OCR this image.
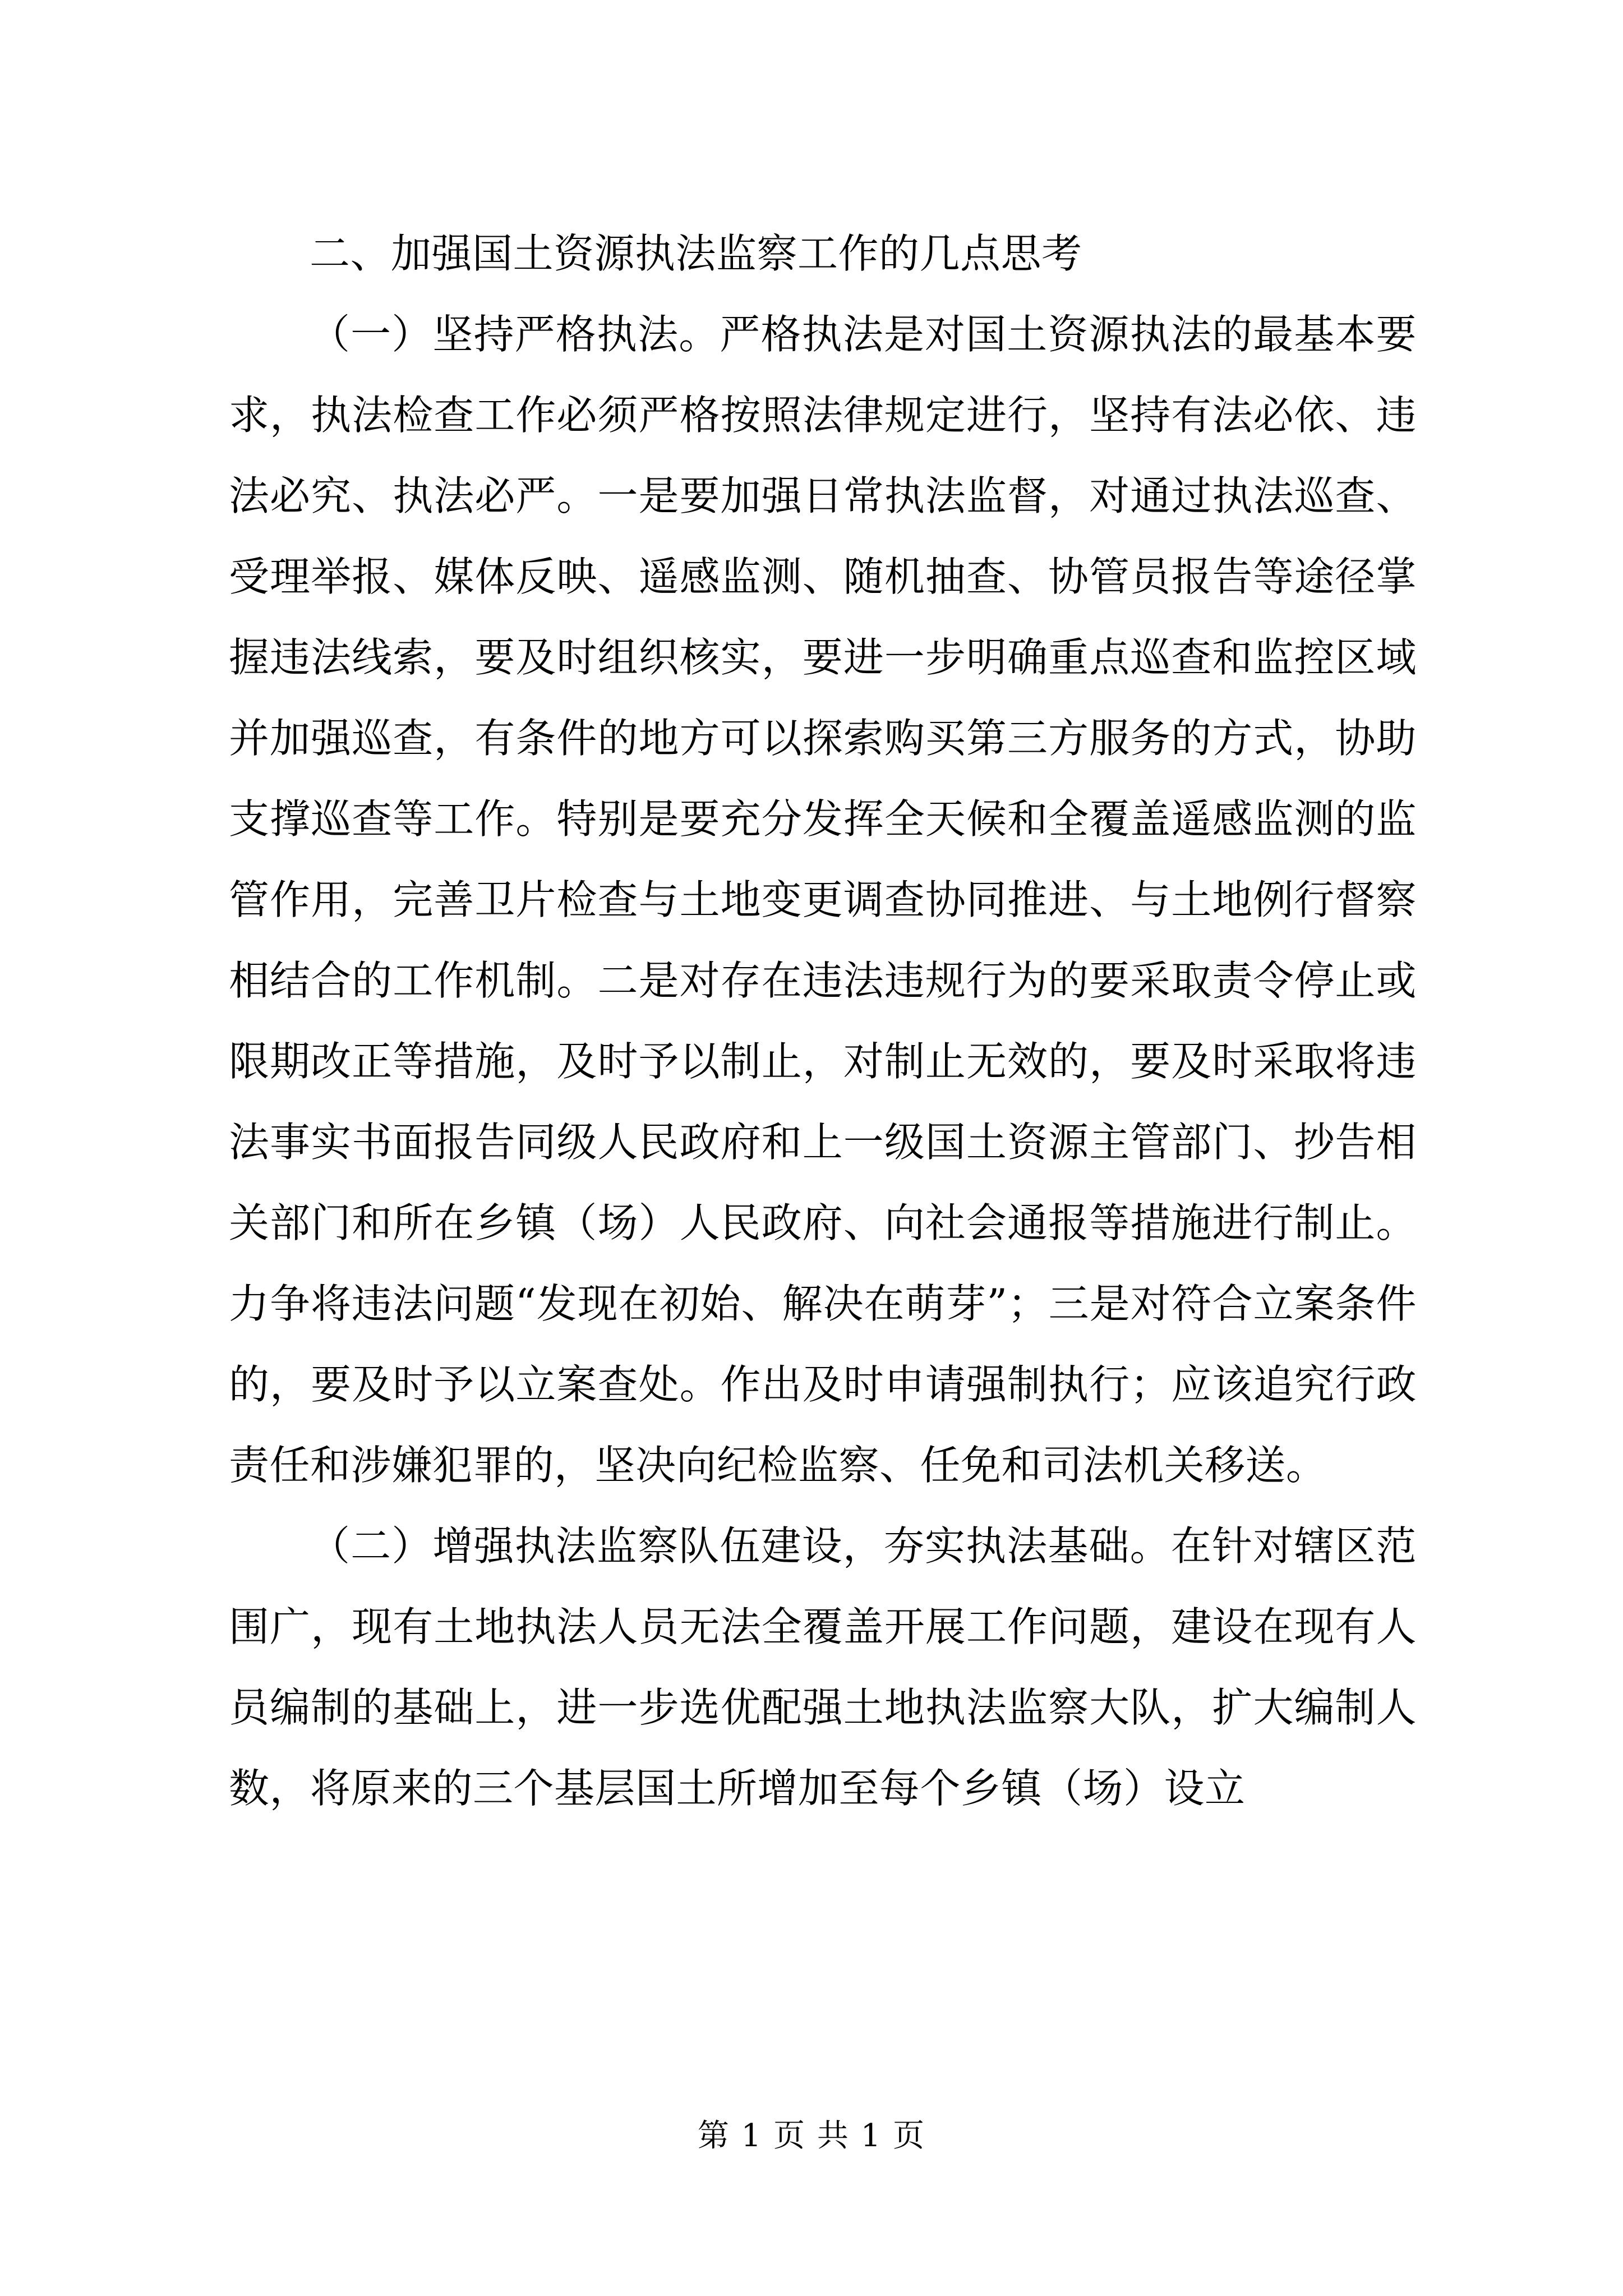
二、加强国土资源执法监察工作的几点思考

（一）坚持严格执法。严格执法是对国土资源执法的最基本要求，执法检查工作必须严格按照法律规定进行，坚持有法必依、违法必究、执法必严。一是要加强日常执法监督，对通过执法巡查、受理举报、媒体反映、遥感监测、随机抽查、协管员报告等途径掌握违法线索，要及时组织核实，要进一步明确重点巡查和监控区域并加强巡查，有条件的地方可以探索购买第三方服务的方式，协助支撑巡查等工作。特别是要充分发挥全天候和全覆盖遥感监测的监管作用，完善卫片检查与土地变更调查协同推进、与土地例行督察相结合的工作机制。二是对存在违法违规行为的要采取责令停止或限期改正等措施，及时予以制止，对制止无效的，要及时采取将违法事实书面报告同级人民政府和上一级国土资源主管部门、抄告相关部门和所在乡镇（场）人民政府、向社会通报等措施进行制止。力争将违法问题“发现在初始、解决在萌芽”；三是对符合立案条件的，要及时予以立案查处。作出及时申请强制执行；应该追究行政责任和涉嫌犯罪的，坚决向纪检监察、任免和司法机关移送。

（二）增强执法监察队伍建设，夯实执法基础。在针对辖区范围广，现有土地执法人员无法全覆盖开展工作问题，建设在现有人员编制的基础上，进一步选优配强土地执法监察大队，扩大编制人数，将原来的三个基层国土所增加至每个乡镇（场）设立

第 1 页 共 1 页
